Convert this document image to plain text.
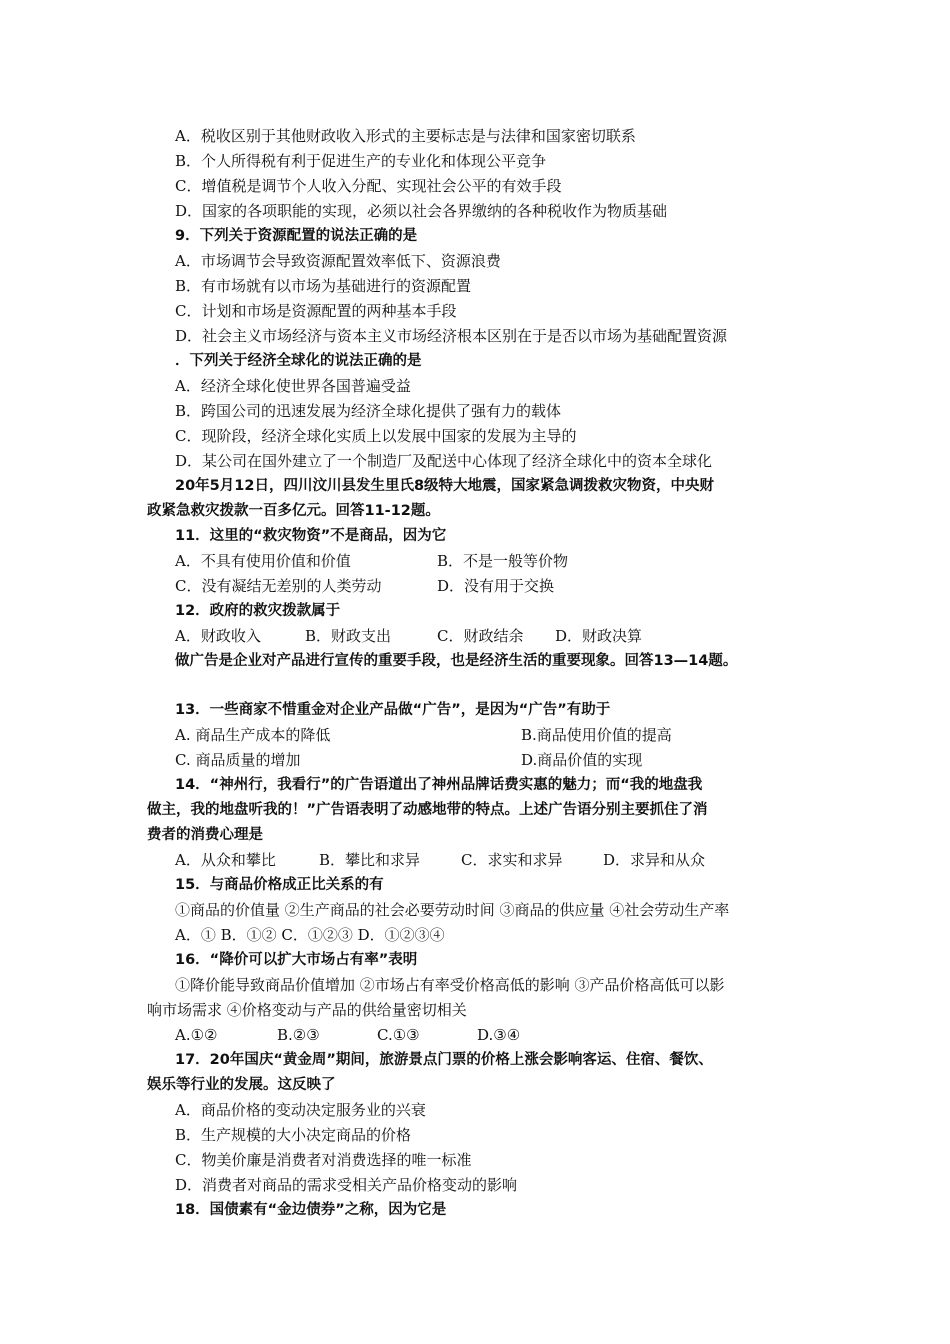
A．税收区别于其他财政收入形式的主要标志是与法律和国家密切联系
B．个人所得税有利于促进生产的专业化和体现公平竞争
C．增值税是调节个人收入分配、实现社会公平的有效手段
D．国家的各项职能的实现，必须以社会各界缴纳的各种税收作为物质基础
9．下列关于资源配置的说法正确的是
A．市场调节会导致资源配置效率低下、资源浪费
B．有市场就有以市场为基础进行的资源配置
C．计划和市场是资源配置的两种基本手段
D．社会主义市场经济与资本主义市场经济根本区别在于是否以市场为基础配置资源
．下列关于经济全球化的说法正确的是
A．经济全球化使世界各国普遍受益
B．跨国公司的迅速发展为经济全球化提供了强有力的载体
C．现阶段，经济全球化实质上以发展中国家的发展为主导的
D．某公司在国外建立了一个制造厂及配送中心体现了经济全球化中的资本全球化
20年5月12日，四川汶川县发生里氏8级特大地震，国家紧急调拨救灾物资，中央财
政紧急救灾拨款一百多亿元。回答11-12题。
11．这里的“救灾物资”不是商品，因为它
A．不具有使用价值和价值	B．不是一般等价物
C．没有凝结无差别的人类劳动	D．没有用于交换
12．政府的救灾拨款属于
A．财政收入	B．财政支出	C．财政结余	D．财政决算
做广告是企业对产品进行宣传的重要手段，也是经济生活的重要现象。回答13—14题。
13．一些商家不惜重金对企业产品做“广告”，是因为“广告”有助于
A. 商品生产成本的降低	B.商品使用价值的提高
C. 商品质量的增加	D.商品价值的实现
14．“神州行，我看行”的广告语道出了神州品牌话费实惠的魅力；而“我的地盘我
做主，我的地盘听我的！”广告语表明了动感地带的特点。上述广告语分别主要抓住了消
费者的消费心理是
A．从众和攀比	B．攀比和求异	C．求实和求异	D．求异和从众
15．与商品价格成正比关系的有
①商品的价值量 ②生产商品的社会必要劳动时间 ③商品的供应量 ④社会劳动生产率
A．① B．①② C．①②③ D．①②③④
16．“降价可以扩大市场占有率”表明
①降价能导致商品价值增加 ②市场占有率受价格高低的影响 ③产品价格高低可以影
响市场需求 ④价格变动与产品的供给量密切相关
A.①②	B.②③	C.①③	D.③④
17．20年国庆“黄金周”期间，旅游景点门票的价格上涨会影响客运、住宿、餐饮、
娱乐等行业的发展。这反映了
A．商品价格的变动决定服务业的兴衰
B．生产规模的大小决定商品的价格
C．物美价廉是消费者对消费选择的唯一标准
D．消费者对商品的需求受相关产品价格变动的影响
18．国债素有“金边债券”之称，因为它是
